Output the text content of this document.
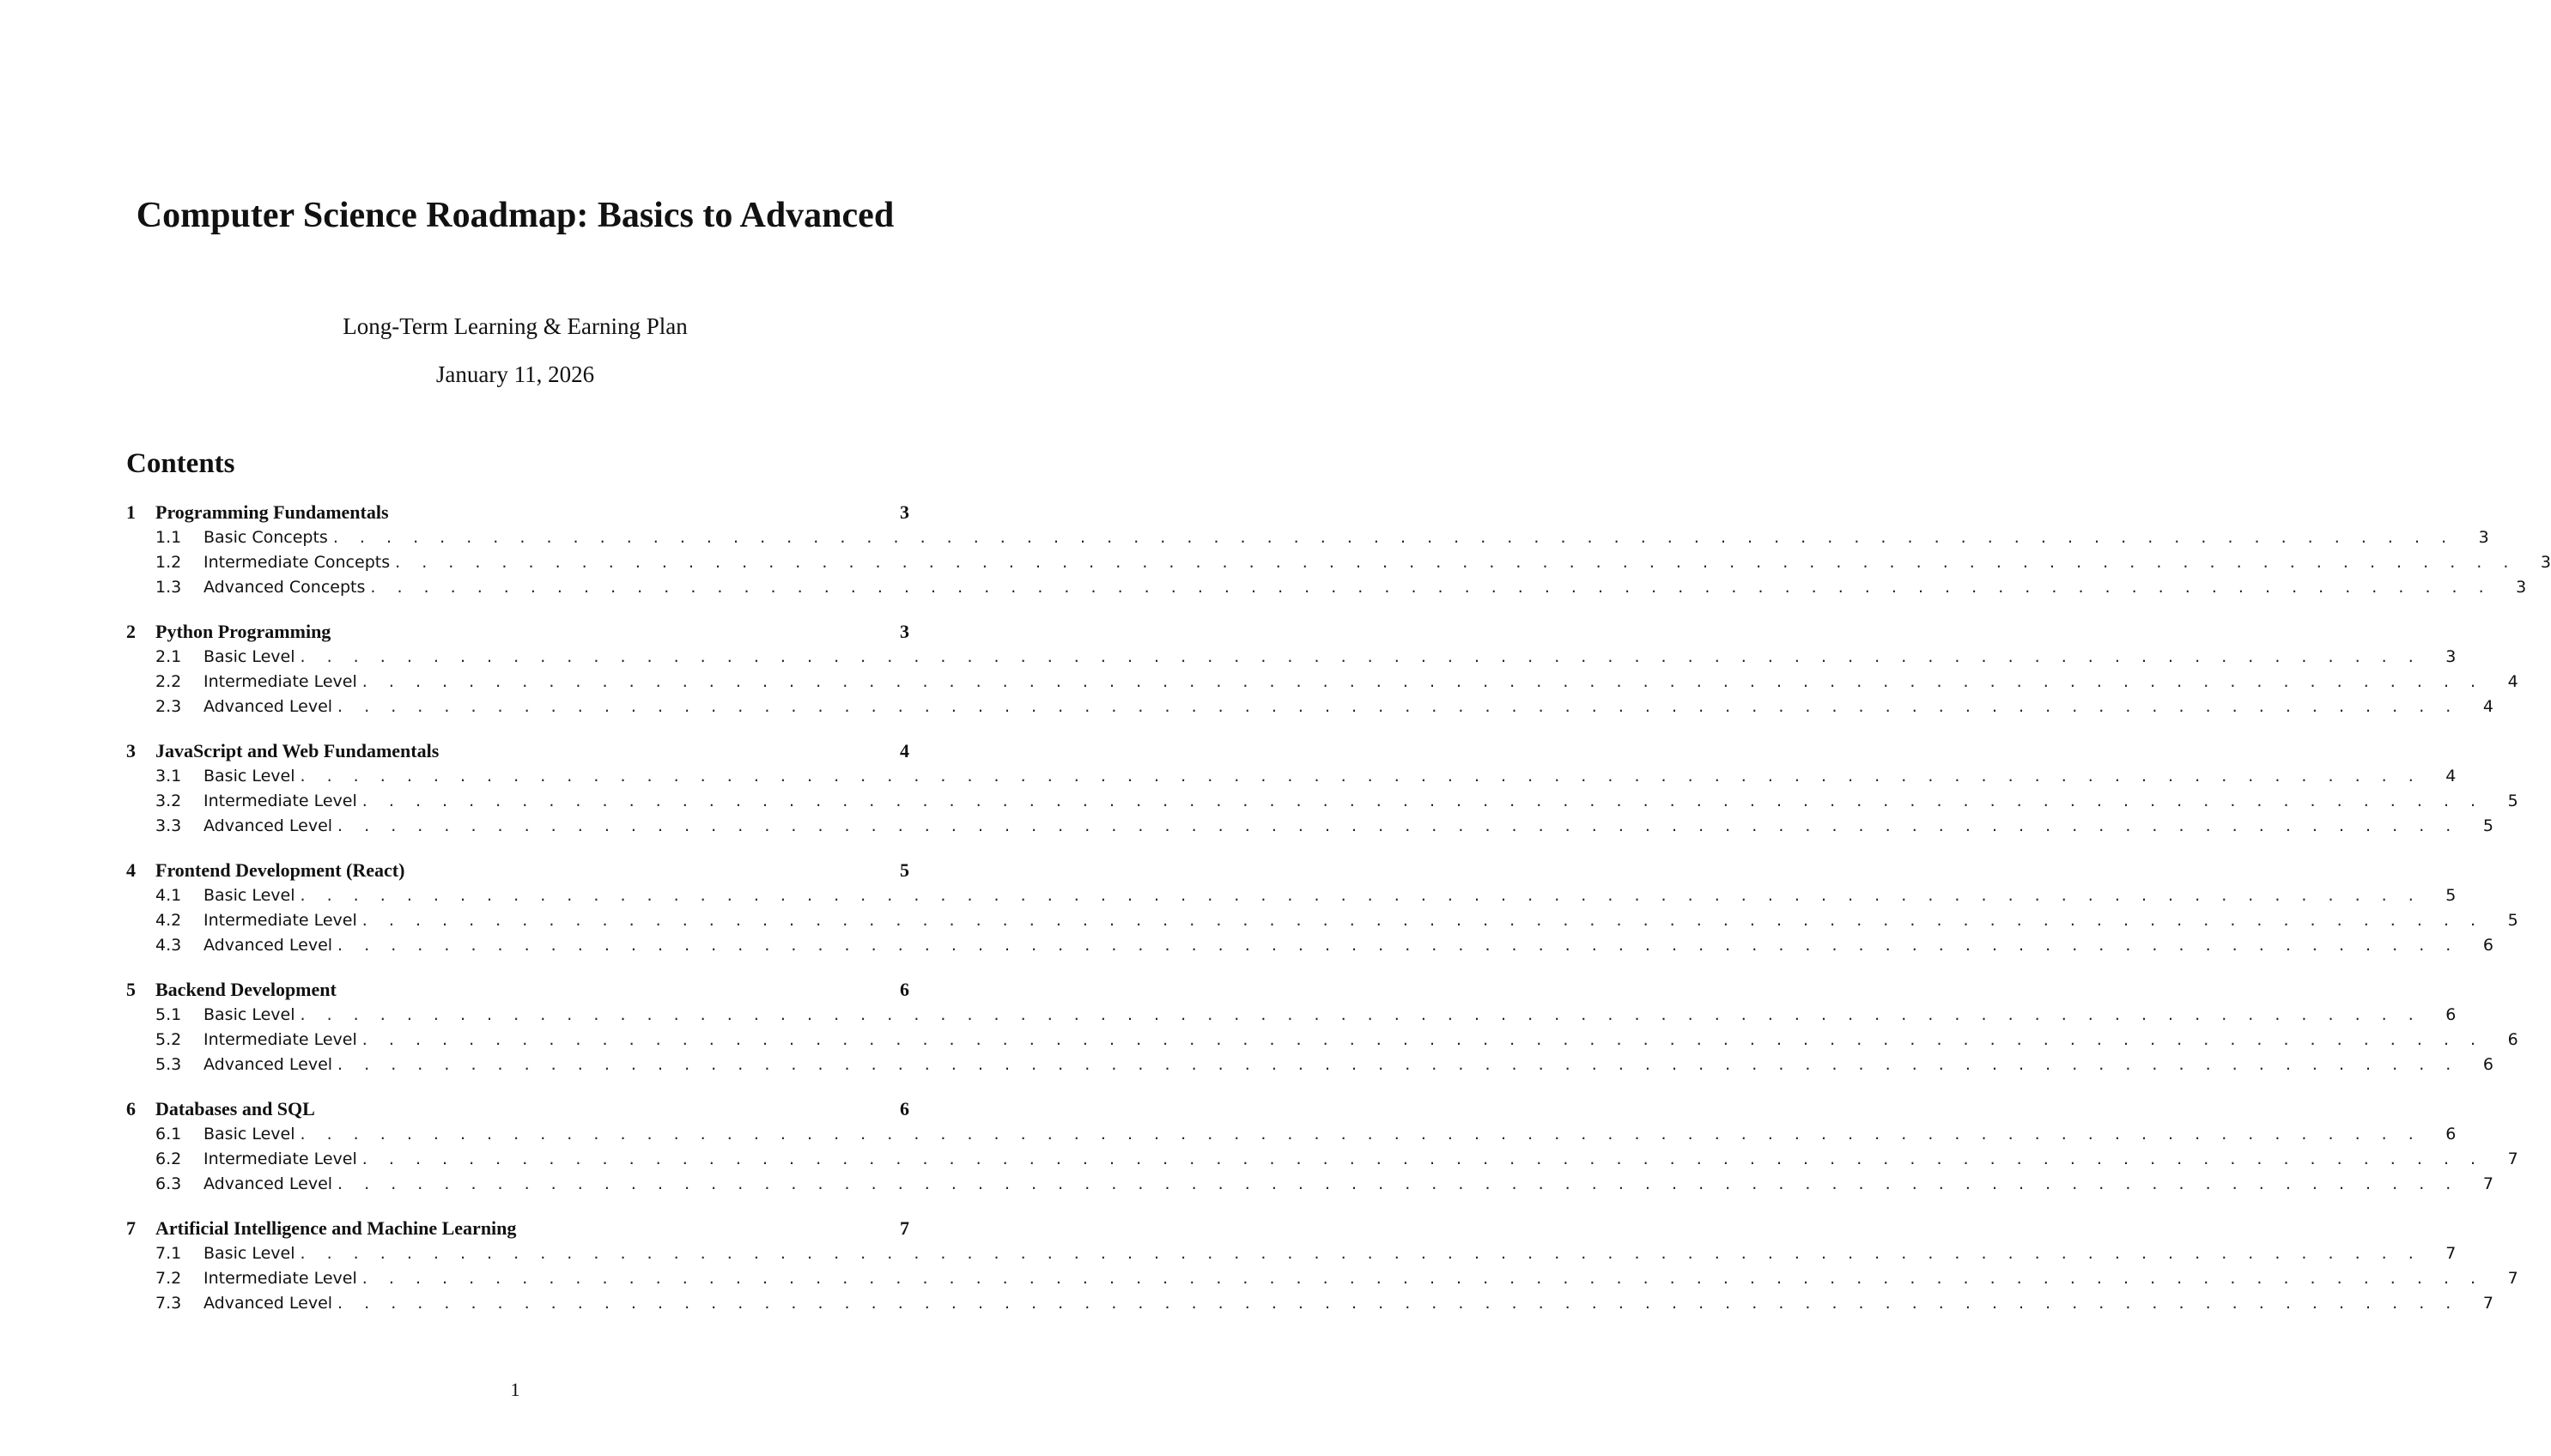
Computer Science Roadmap: Basics to Advanced
Long-Term Learning & Earning Plan
January 11, 2026
Contents
1	Programming Fundamentals	3
1.1	Basic Concepts . . . . . . . . . . . . . . . . . . . . . . . . . . . . . . . . . . . . . . . . . . . . . . . . . . . . . . . . . . . . . . . . . . . . . . . . . . . . . . . . 3
1.2	Intermediate Concepts . . . . . . . . . . . . . . . . . . . . . . . . . . . . . . . . . . . . . . . . . . . . . . . . . . . . . . . . . . . . . . . . . . . . . . . . . . . . . . . . 3
1.3	Advanced Concepts . . . . . . . . . . . . . . . . . . . . . . . . . . . . . . . . . . . . . . . . . . . . . . . . . . . . . . . . . . . . . . . . . . . . . . . . . . . . . . . . 3
2	Python Programming	3
2.1	Basic Level . . . . . . . . . . . . . . . . . . . . . . . . . . . . . . . . . . . . . . . . . . . . . . . . . . . . . . . . . . . . . . . . . . . . . . . . . . . . . . . . 3
2.2	Intermediate Level . . . . . . . . . . . . . . . . . . . . . . . . . . . . . . . . . . . . . . . . . . . . . . . . . . . . . . . . . . . . . . . . . . . . . . . . . . . . . . . . 4
2.3	Advanced Level . . . . . . . . . . . . . . . . . . . . . . . . . . . . . . . . . . . . . . . . . . . . . . . . . . . . . . . . . . . . . . . . . . . . . . . . . . . . . . . . 4
3	JavaScript and Web Fundamentals	4
3.1	Basic Level . . . . . . . . . . . . . . . . . . . . . . . . . . . . . . . . . . . . . . . . . . . . . . . . . . . . . . . . . . . . . . . . . . . . . . . . . . . . . . . . 4
3.2	Intermediate Level . . . . . . . . . . . . . . . . . . . . . . . . . . . . . . . . . . . . . . . . . . . . . . . . . . . . . . . . . . . . . . . . . . . . . . . . . . . . . . . . 5
3.3	Advanced Level . . . . . . . . . . . . . . . . . . . . . . . . . . . . . . . . . . . . . . . . . . . . . . . . . . . . . . . . . . . . . . . . . . . . . . . . . . . . . . . . 5
4	Frontend Development (React)	5
4.1	Basic Level . . . . . . . . . . . . . . . . . . . . . . . . . . . . . . . . . . . . . . . . . . . . . . . . . . . . . . . . . . . . . . . . . . . . . . . . . . . . . . . . 5
4.2	Intermediate Level . . . . . . . . . . . . . . . . . . . . . . . . . . . . . . . . . . . . . . . . . . . . . . . . . . . . . . . . . . . . . . . . . . . . . . . . . . . . . . . . 5
4.3	Advanced Level . . . . . . . . . . . . . . . . . . . . . . . . . . . . . . . . . . . . . . . . . . . . . . . . . . . . . . . . . . . . . . . . . . . . . . . . . . . . . . . . 6
5	Backend Development	6
5.1	Basic Level . . . . . . . . . . . . . . . . . . . . . . . . . . . . . . . . . . . . . . . . . . . . . . . . . . . . . . . . . . . . . . . . . . . . . . . . . . . . . . . . 6
5.2	Intermediate Level . . . . . . . . . . . . . . . . . . . . . . . . . . . . . . . . . . . . . . . . . . . . . . . . . . . . . . . . . . . . . . . . . . . . . . . . . . . . . . . . 6
5.3	Advanced Level . . . . . . . . . . . . . . . . . . . . . . . . . . . . . . . . . . . . . . . . . . . . . . . . . . . . . . . . . . . . . . . . . . . . . . . . . . . . . . . . 6
6	Databases and SQL	6
6.1	Basic Level . . . . . . . . . . . . . . . . . . . . . . . . . . . . . . . . . . . . . . . . . . . . . . . . . . . . . . . . . . . . . . . . . . . . . . . . . . . . . . . . 6
6.2	Intermediate Level . . . . . . . . . . . . . . . . . . . . . . . . . . . . . . . . . . . . . . . . . . . . . . . . . . . . . . . . . . . . . . . . . . . . . . . . . . . . . . . . 7
6.3	Advanced Level . . . . . . . . . . . . . . . . . . . . . . . . . . . . . . . . . . . . . . . . . . . . . . . . . . . . . . . . . . . . . . . . . . . . . . . . . . . . . . . . 7
7	Artificial Intelligence and Machine Learning	7
7.1	Basic Level . . . . . . . . . . . . . . . . . . . . . . . . . . . . . . . . . . . . . . . . . . . . . . . . . . . . . . . . . . . . . . . . . . . . . . . . . . . . . . . . 7
7.2	Intermediate Level . . . . . . . . . . . . . . . . . . . . . . . . . . . . . . . . . . . . . . . . . . . . . . . . . . . . . . . . . . . . . . . . . . . . . . . . . . . . . . . . 7
7.3	Advanced Level . . . . . . . . . . . . . . . . . . . . . . . . . . . . . . . . . . . . . . . . . . . . . . . . . . . . . . . . . . . . . . . . . . . . . . . . . . . . . . . . 7
1
